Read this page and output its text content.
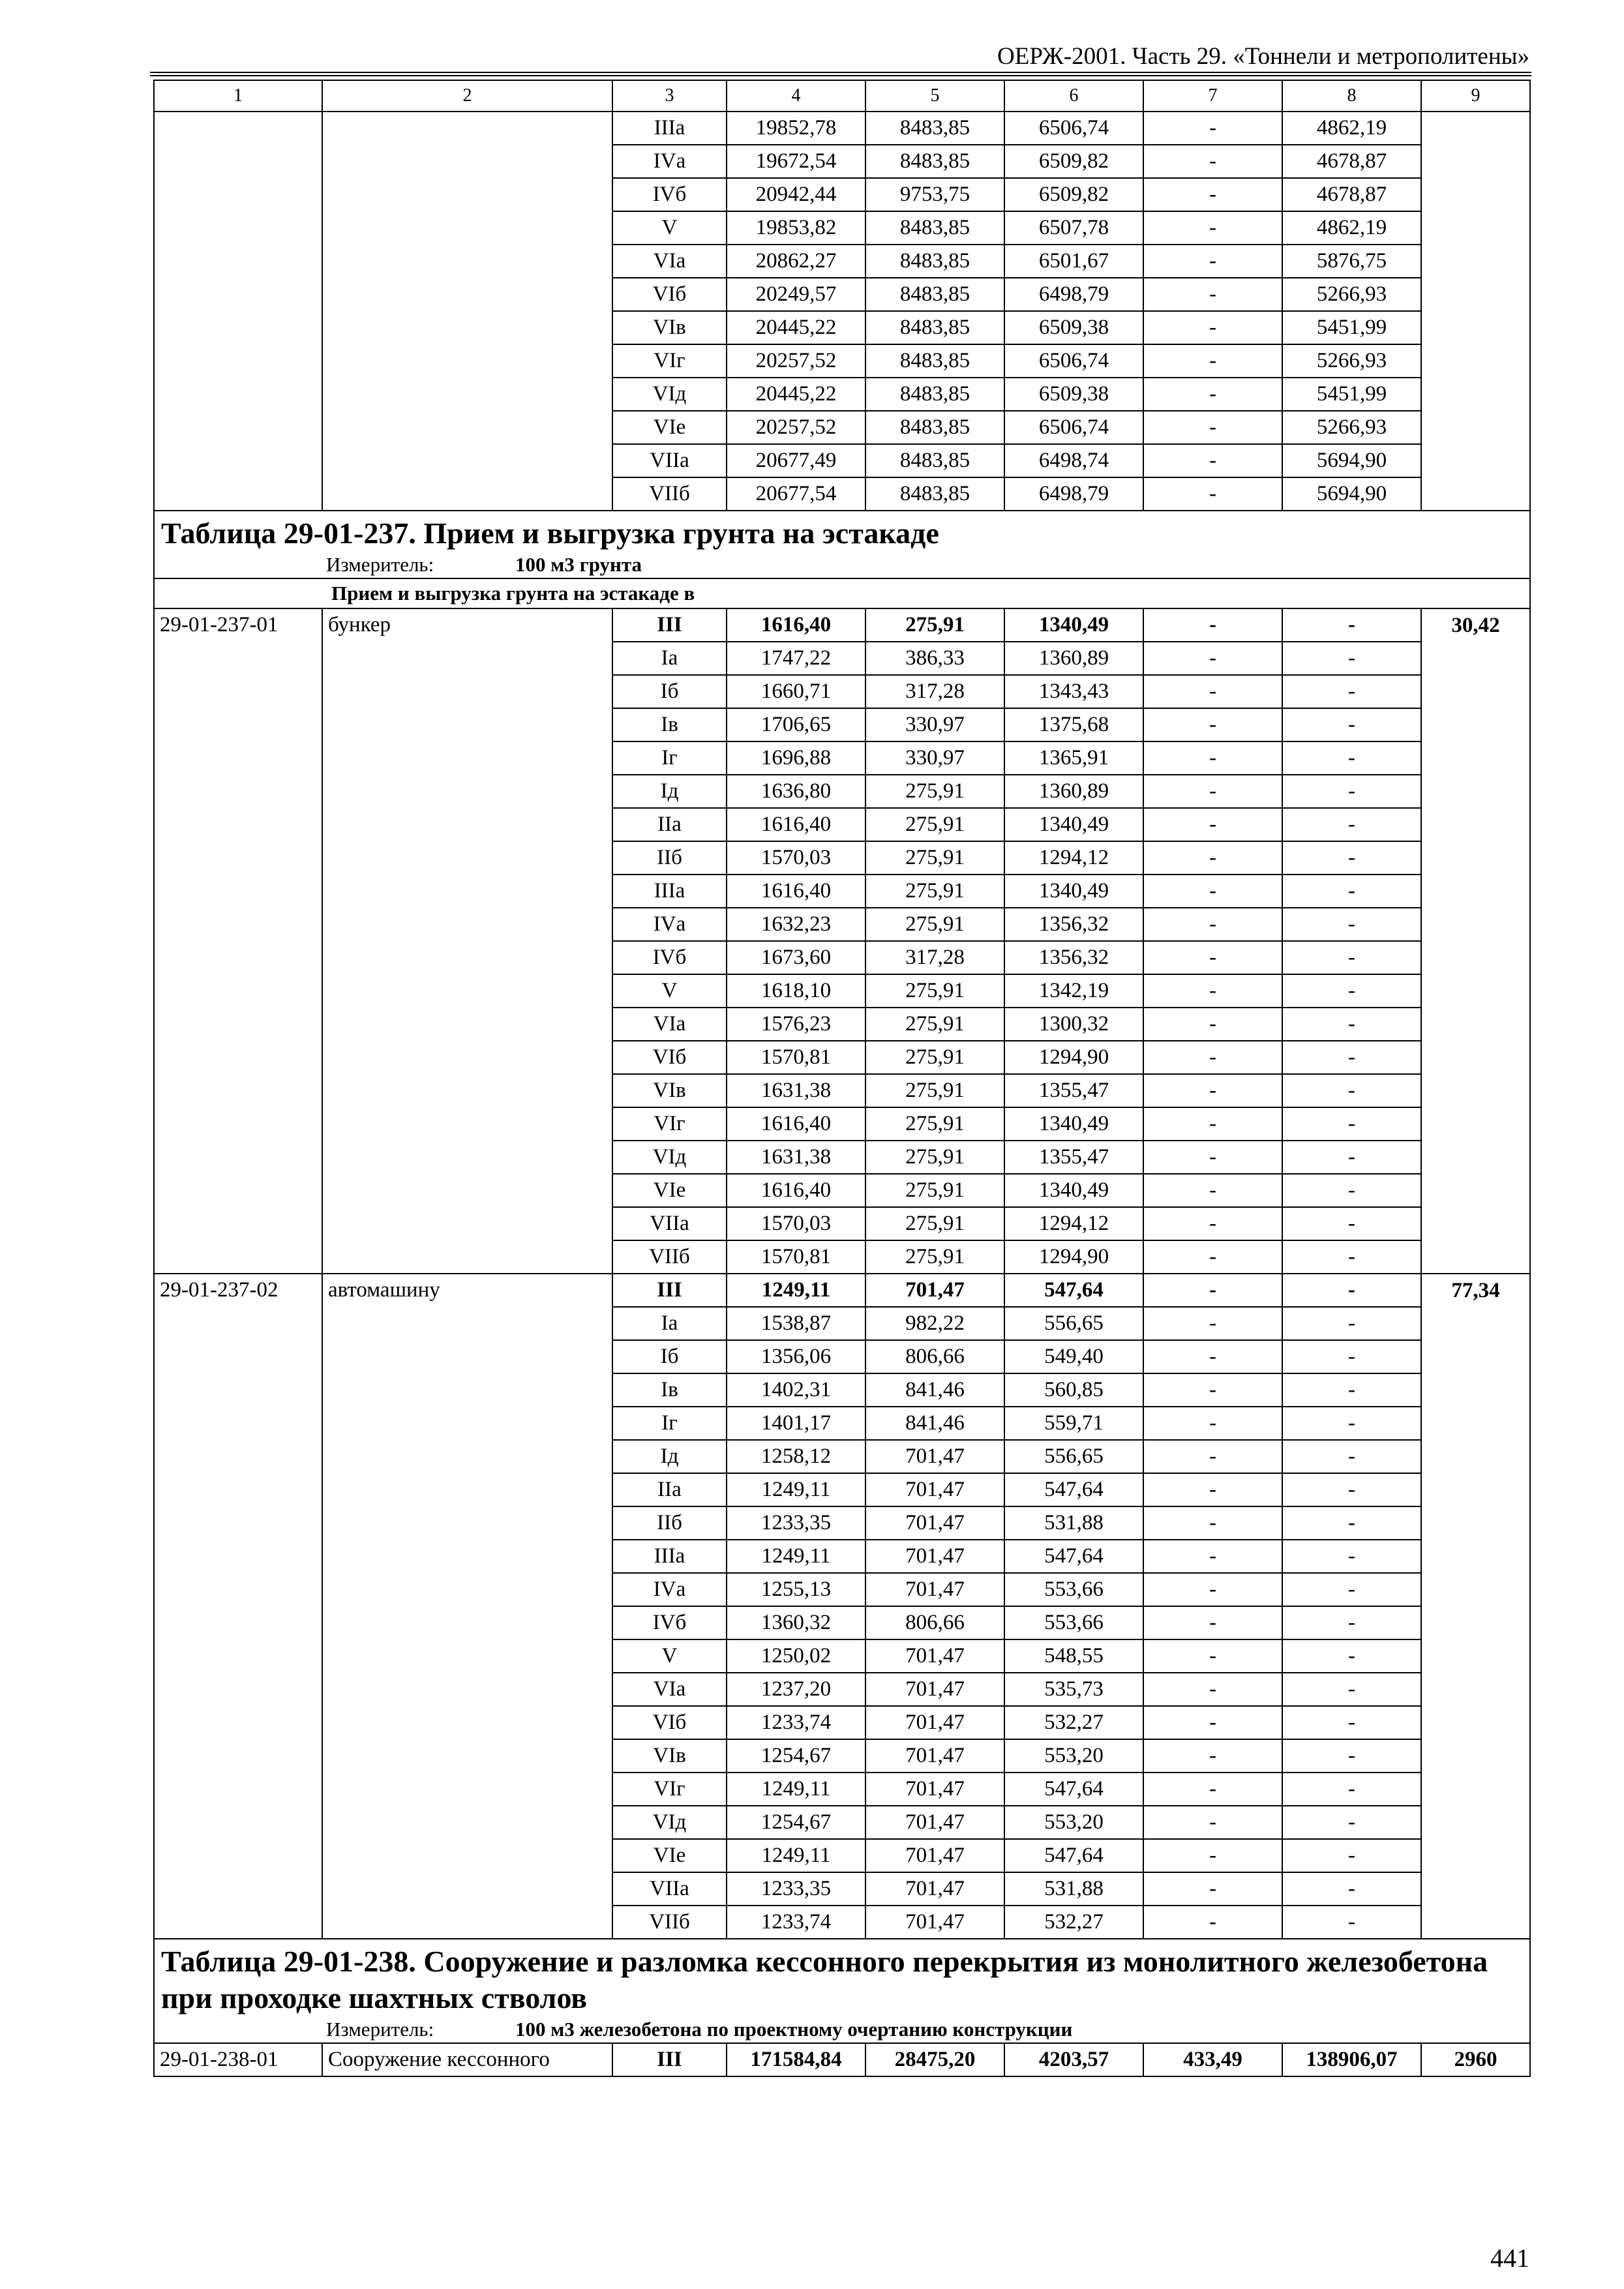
ОЕРЖ-2001. Часть 29. «Тоннели и метрополитены»
1	2	3	4	5	6	7	8	9
		IIIа	19852,78	8483,85	6506,74	-	4862,19	
		IVа	19672,54	8483,85	6509,82	-	4678,87	
		IVб	20942,44	9753,75	6509,82	-	4678,87	
		V	19853,82	8483,85	6507,78	-	4862,19	
		VIа	20862,27	8483,85	6501,67	-	5876,75	
		VIб	20249,57	8483,85	6498,79	-	5266,93	
		VIв	20445,22	8483,85	6509,38	-	5451,99	
		VIг	20257,52	8483,85	6506,74	-	5266,93	
		VIд	20445,22	8483,85	6509,38	-	5451,99	
		VIе	20257,52	8483,85	6506,74	-	5266,93	
		VIIа	20677,49	8483,85	6498,74	-	5694,90	
		VIIб	20677,54	8483,85	6498,79	-	5694,90	
Таблица 29-01-237. Прием и выгрузка грунта на эстакаде								
Измеритель: 100 м3 грунта								
Прием и выгрузка грунта на эстакаде в								
29-01-237-01	бункер	III	1616,40	275,91	1340,49	-	-	30,42
		Iа	1747,22	386,33	1360,89	-	-	
		Iб	1660,71	317,28	1343,43	-	-	
		Iв	1706,65	330,97	1375,68	-	-	
		Iг	1696,88	330,97	1365,91	-	-	
		Iд	1636,80	275,91	1360,89	-	-	
		IIа	1616,40	275,91	1340,49	-	-	
		IIб	1570,03	275,91	1294,12	-	-	
		IIIа	1616,40	275,91	1340,49	-	-	
		IVа	1632,23	275,91	1356,32	-	-	
		IVб	1673,60	317,28	1356,32	-	-	
		V	1618,10	275,91	1342,19	-	-	
		VIа	1576,23	275,91	1300,32	-	-	
		VIб	1570,81	275,91	1294,90	-	-	
		VIв	1631,38	275,91	1355,47	-	-	
		VIг	1616,40	275,91	1340,49	-	-	
		VIд	1631,38	275,91	1355,47	-	-	
		VIе	1616,40	275,91	1340,49	-	-	
		VIIа	1570,03	275,91	1294,12	-	-	
		VIIб	1570,81	275,91	1294,90	-	-	
29-01-237-02	автомашину	III	1249,11	701,47	547,64	-	-	77,34
		Iа	1538,87	982,22	556,65	-	-	
		Iб	1356,06	806,66	549,40	-	-	
		Iв	1402,31	841,46	560,85	-	-	
		Iг	1401,17	841,46	559,71	-	-	
		Iд	1258,12	701,47	556,65	-	-	
		IIа	1249,11	701,47	547,64	-	-	
		IIб	1233,35	701,47	531,88	-	-	
		IIIа	1249,11	701,47	547,64	-	-	
		IVа	1255,13	701,47	553,66	-	-	
		IVб	1360,32	806,66	553,66	-	-	
		V	1250,02	701,47	548,55	-	-	
		VIа	1237,20	701,47	535,73	-	-	
		VIб	1233,74	701,47	532,27	-	-	
		VIв	1254,67	701,47	553,20	-	-	
		VIг	1249,11	701,47	547,64	-	-	
		VIд	1254,67	701,47	553,20	-	-	
		VIе	1249,11	701,47	547,64	-	-	
		VIIа	1233,35	701,47	531,88	-	-	
		VIIб	1233,74	701,47	532,27	-	-	
Таблица 29-01-238. Сооружение и разломка кессонного перекрытия из монолитного железобетона при проходке шахтных стволов								
Измеритель: 100 м3 железобетона по проектному очертанию конструкции								
29-01-238-01	Сооружение кессонного	III	171584,84	28475,20	4203,57	433,49	138906,07	2960
441
